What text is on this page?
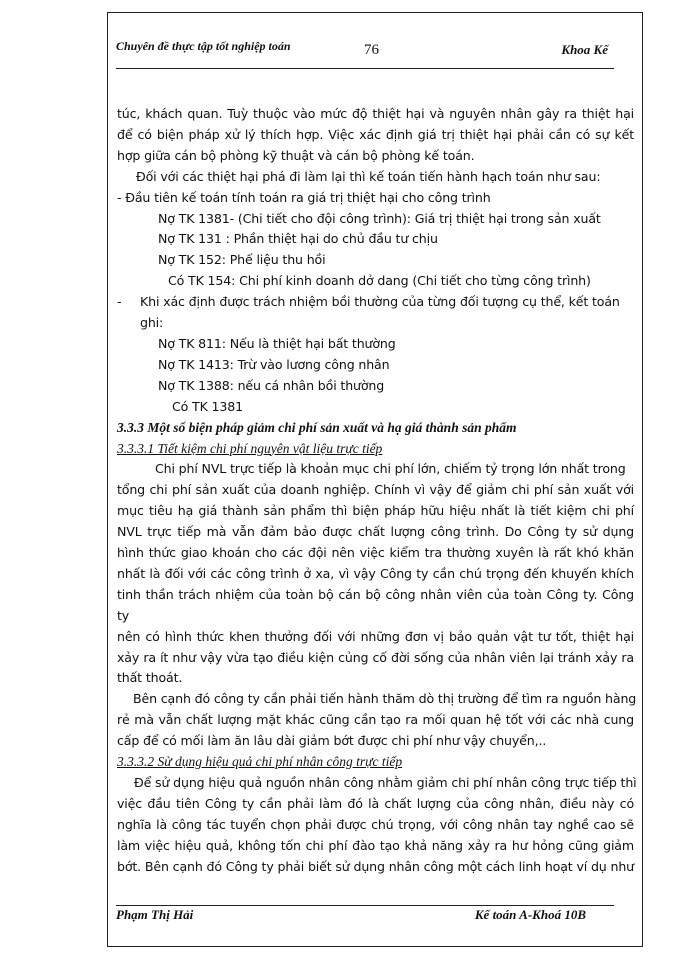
Chuyên đề thực tập tốt nghiệp toán	76	Khoa Kế
túc, khách quan. Tuỳ thuộc vào mức độ thiệt hại và nguyên nhân gây ra thiệt hại
để có biện pháp xử lý thích hợp. Việc xác định giá trị thiệt hại phải cần có sự kết
hợp giữa cán bộ phòng kỹ thuật và cán bộ phòng kế toán.
Đối với các thiệt hại phá đi làm lại thì kế toán tiến hành hạch toán như sau:
- Đầu tiên kế toán tính toán ra giá trị thiệt hại cho công trình
Nợ TK 1381- (Chi tiết cho đội công trình): Giá trị thiệt hại trong sản xuất
Nợ TK 131 : Phần thiệt hại do chủ đầu tư chịu
Nợ TK 152: Phế liệu thu hồi
Có TK 154: Chi phí kinh doanh dở dang (Chi tiết cho từng công trình)
- Khi xác định được trách nhiệm bồi thường của từng đối tượng cụ thể, kết toán
ghi:
Nợ TK 811: Nếu là thiệt hại bất thường
Nợ TK 1413: Trừ vào lương công nhân
Nợ TK 1388: nếu cá nhân bồi thường
Có TK 1381
3.3.3 Một số biện pháp giảm chi phí sản xuất và hạ giá thành sản phẩm
3.3.3.1 Tiết kiệm chi phí nguyên vật liệu trực tiếp
Chi phí NVL trực tiếp là khoản mục chi phí lớn, chiếm tỷ trọng lớn nhất trong
tổng chi phí sản xuất của doanh nghiệp. Chính vì vậy để giảm chi phí sản xuất với
mục tiêu hạ giá thành sản phẩm thì biện pháp hữu hiệu nhất là tiết kiệm chi phí
NVL trực tiếp mà vẫn đảm bảo được chất lượng công trình. Do Công ty sử dụng
hình thức giao khoán cho các đội nên việc kiểm tra thường xuyên là rất khó khăn
nhất là đối với các công trình ở xa, vì vậy Công ty cần chú trọng đến khuyến khích
tinh thần trách nhiệm của toàn bộ cán bộ công nhân viên của toàn Công ty. Công ty
nên có hình thức khen thưởng đối với những đơn vị bảo quản vật tư tốt, thiệt hại
xảy ra ít như vậy vừa tạo điều kiện củng cố đời sống của nhân viên lại tránh xảy ra
thất thoát.
Bên cạnh đó công ty cần phải tiến hành thăm dò thị trường để tìm ra nguồn hàng
rẻ mà vẫn chất lượng mặt khác cũng cần tạo ra mối quan hệ tốt với các nhà cung
cấp để có mối làm ăn lâu dài giảm bớt được chi phí như vậy chuyển,..
3.3.3.2 Sử dụng hiệu quả chi phí nhân công trực tiếp
Để sử dụng hiệu quả nguồn nhân công nhằm giảm chi phí nhân công trực tiếp thì
việc đầu tiên Công ty cần phải làm đó là chất lượng của công nhân, điều này có
nghĩa là công tác tuyển chọn phải được chú trọng, với công nhân tay nghề cao sẽ
làm việc hiệu quả, không tốn chi phí đào tạo khả năng xảy ra hư hỏng cũng giảm
bớt. Bên cạnh đó Công ty phải biết sử dụng nhân công một cách linh hoạt ví dụ như
Phạm Thị Hải	Kế toán A-Khoá 10B
